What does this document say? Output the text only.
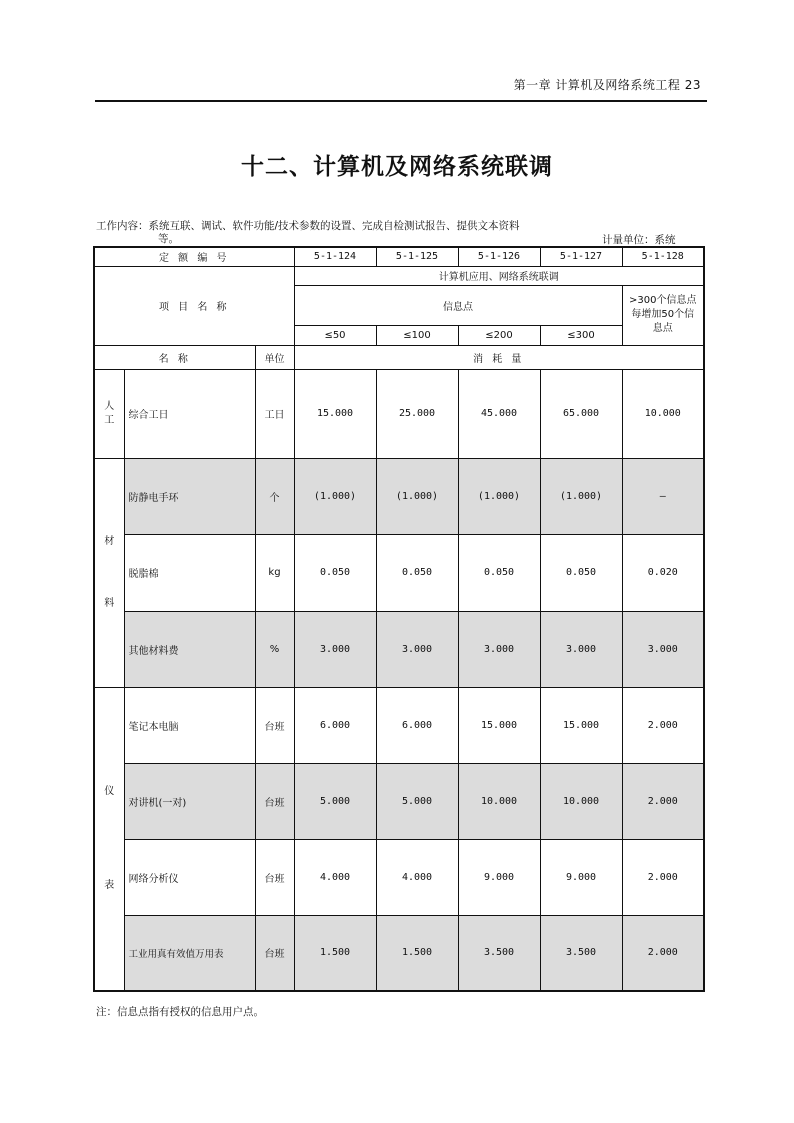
第一章 计算机及网络系统工程 23
十二、计算机及网络系统联调
工作内容：系统互联、调试、软件功能/技术参数的设置、完成自检测试报告、提供文本资料
等。	计量单位：系统
定 额 编 号			5-1-124	5-1-125	5-1-126	5-1-127	5-1-128
项 目 名 称			计算机应用、网络系统联调				
			信息点				>300个信息点每增加50个信息点
			≤50	≤100	≤200	≤300	
名 称		单位	消 耗 量				

人
工	综合工日	工日	15.000	25.000	45.000	65.000	10.000

材
料	防静电手环	个	(1.000)	(1.000)	(1.000)	(1.000)	—
	脱脂棉	kg	0.050	0.050	0.050	0.050	0.020
	其他材料费	%	3.000	3.000	3.000	3.000	3.000

仪
表	笔记本电脑	台班	6.000	6.000	15.000	15.000	2.000
	对讲机(一对)	台班	5.000	5.000	10.000	10.000	2.000
	网络分析仪	台班	4.000	4.000	9.000	9.000	2.000
	工业用真有效值万用表	台班	1.500	1.500	3.500	3.500	2.000
注：信息点指有授权的信息用户点。
